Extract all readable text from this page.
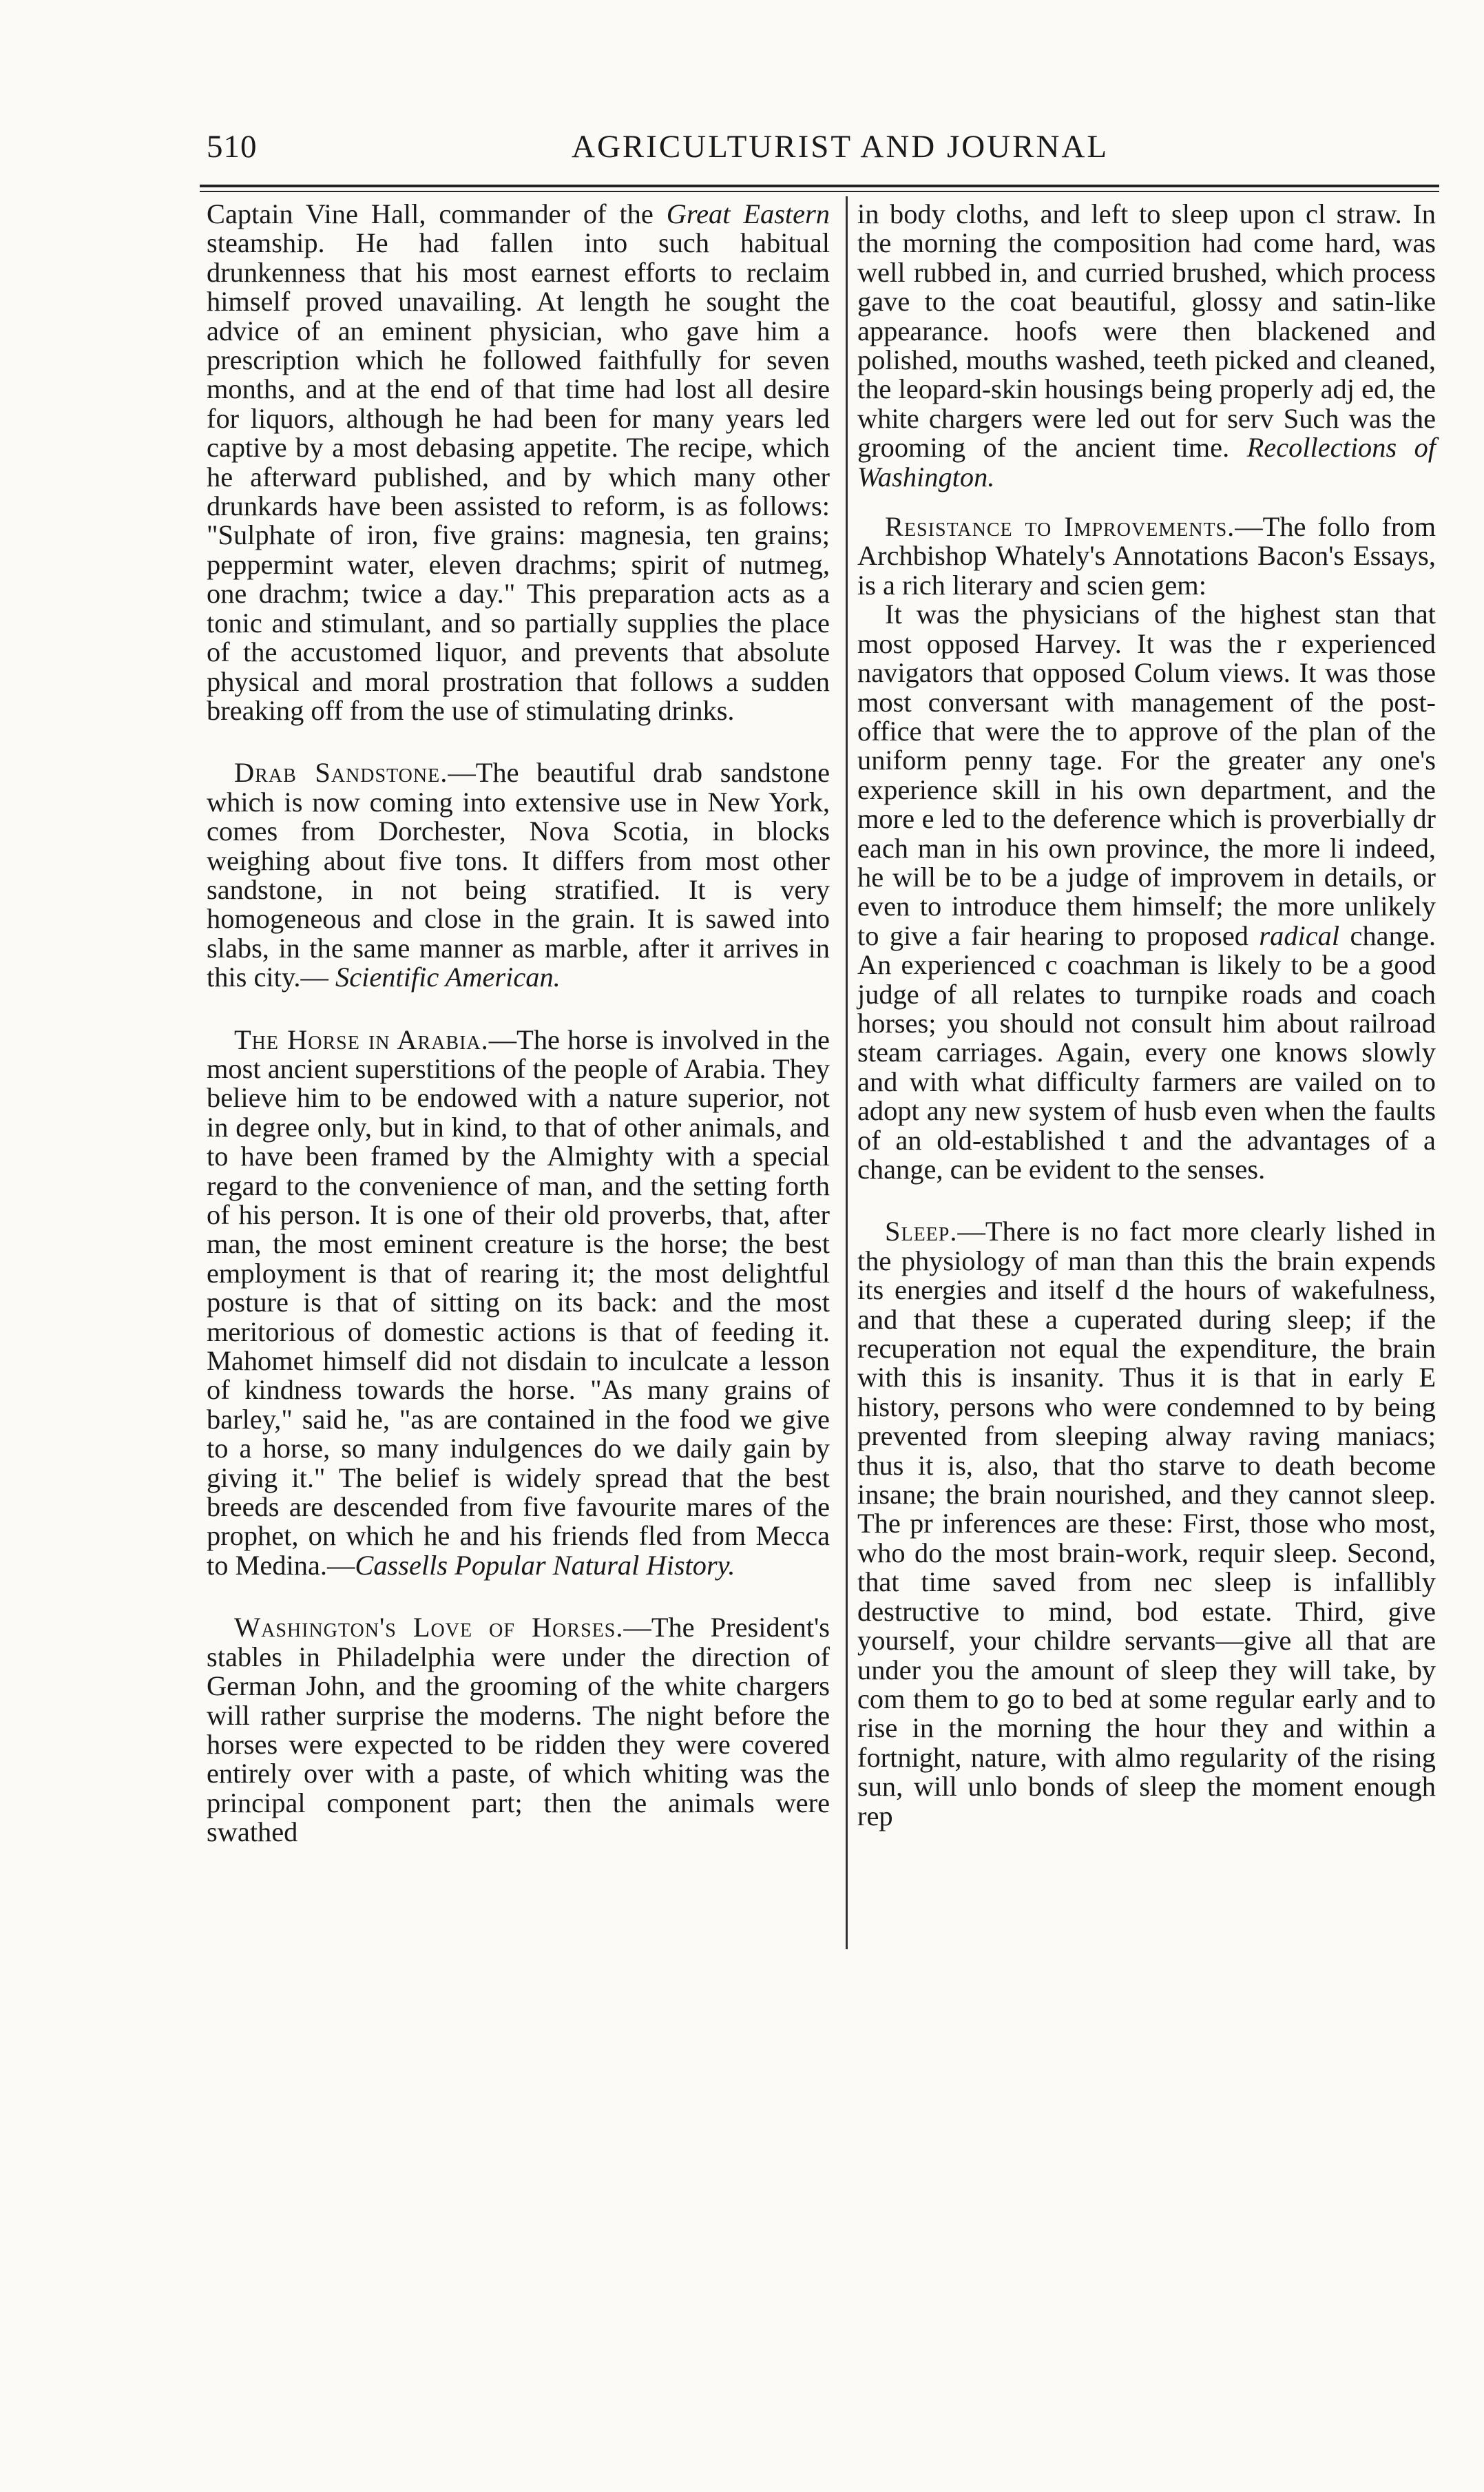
510	AGRICULTURIST AND JOURNAL

Captain Vine Hall, commander of the Great Eastern steamship. He had fallen into such habitual drunkenness that his most earnest efforts to reclaim himself proved unavailing. At length he sought the advice of an eminent physician, who gave him a prescription which he followed faithfully for seven months, and at the end of that time had lost all desire for liquors, although he had been for many years led captive by a most debasing appetite. The recipe, which he afterward published, and by which many other drunkards have been assisted to reform, is as follows: "Sulphate of iron, five grains: magnesia, ten grains; peppermint water, eleven drachms; spirit of nutmeg, one drachm; twice a day." This preparation acts as a tonic and stimulant, and so partially supplies the place of the accustomed liquor, and prevents that absolute physical and moral prostration that follows a sudden breaking off from the use of stimulating drinks.

Drab Sandstone.—The beautiful drab sandstone which is now coming into extensive use in New York, comes from Dorchester, Nova Scotia, in blocks weighing about five tons. It differs from most other sandstone, in not being stratified. It is very homogeneous and close in the grain. It is sawed into slabs, in the same manner as marble, after it arrives in this city.— Scientific American.

The Horse in Arabia.—The horse is involved in the most ancient superstitions of the people of Arabia. They believe him to be endowed with a nature superior, not in degree only, but in kind, to that of other animals, and to have been framed by the Almighty with a special regard to the convenience of man, and the setting forth of his person. It is one of their old proverbs, that, after man, the most eminent creature is the horse; the best employment is that of rearing it; the most delightful posture is that of sitting on its back: and the most meritorious of domestic actions is that of feeding it. Mahomet himself did not disdain to inculcate a lesson of kindness towards the horse. "As many grains of barley," said he, "as are contained in the food we give to a horse, so many indulgences do we daily gain by giving it." The belief is widely spread that the best breeds are descended from five favourite mares of the prophet, on which he and his friends fled from Mecca to Medina.—Cassells Popular Natural History.

Washington's Love of Horses.—The President's stables in Philadelphia were under the direction of German John, and the grooming of the white chargers will rather surprise the moderns. The night before the horses were expected to be ridden they were covered entirely over with a paste, of which whiting was the principal component part; then the animals were swathed

in body cloths, and left to sleep upon cl straw. In the morning the composition had come hard, was well rubbed in, and curried brushed, which process gave to the coat beautiful, glossy and satin-like appearance. hoofs were then blackened and polished, mouths washed, teeth picked and cleaned, the leopard-skin housings being properly adj ed, the white chargers were led out for serv Such was the grooming of the ancient time. Recollections of Washington.

Resistance to Improvements.—The follo from Archbishop Whately's Annotations Bacon's Essays, is a rich literary and scien gem:

It was the physicians of the highest stan that most opposed Harvey. It was the r experienced navigators that opposed Colum views. It was those most conversant with management of the post-office that were the to approve of the plan of the uniform penny tage. For the greater any one's experience skill in his own department, and the more e led to the deference which is proverbially dr each man in his own province, the more li indeed, he will be to be a judge of improvem in details, or even to introduce them himself; the more unlikely to give a fair hearing to proposed radical change. An experienced c coachman is likely to be a good judge of all relates to turnpike roads and coach horses; you should not consult him about railroad steam carriages. Again, every one knows slowly and with what difficulty farmers are vailed on to adopt any new system of husb even when the faults of an old-established t and the advantages of a change, can be evident to the senses.

Sleep.—There is no fact more clearly lished in the physiology of man than this the brain expends its energies and itself d the hours of wakefulness, and that these a cuperated during sleep; if the recuperation not equal the expenditure, the brain with this is insanity. Thus it is that in early E history, persons who were condemned to by being prevented from sleeping alway raving maniacs; thus it is, also, that tho starve to death become insane; the brain nourished, and they cannot sleep. The pr inferences are these: First, those who most, who do the most brain-work, requir sleep. Second, that time saved from nec sleep is infallibly destructive to mind, bod estate. Third, give yourself, your childre servants—give all that are under you the amount of sleep they will take, by com them to go to bed at some regular early and to rise in the morning the hour they and within a fortnight, nature, with almo regularity of the rising sun, will unlo bonds of sleep the moment enough rep
